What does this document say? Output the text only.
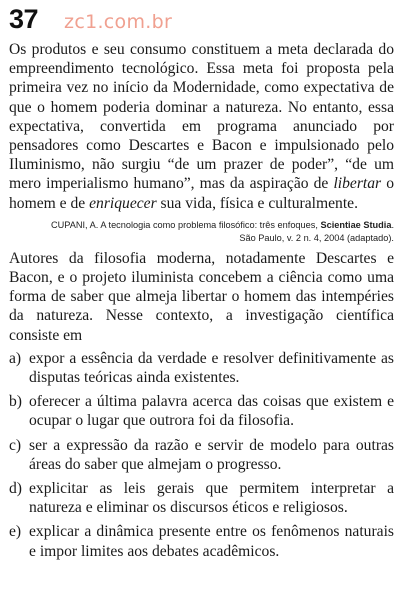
37 zc1.com.br

Os produtos e seu consumo constituem a meta declarada do empreendimento tecnológico. Essa meta foi proposta pela primeira vez no início da Modernidade, como expectativa de que o homem poderia dominar a natureza. No entanto, essa expectativa, convertida em programa anunciado por pensadores como Descartes e Bacon e impulsionado pelo Iluminismo, não surgiu “de um prazer de poder”, “de um mero imperialismo humano”, mas da aspiração de libertar o homem e de enriquecer sua vida, física e culturalmente.

CUPANI, A. A tecnologia como problema filosófico: três enfoques, Scientiae Studia.
São Paulo, v. 2 n. 4, 2004 (adaptado).

Autores da filosofia moderna, notadamente Descartes e Bacon, e o projeto iluminista concebem a ciência como uma forma de saber que almeja libertar o homem das intempéries da natureza. Nesse contexto, a investigação científica consiste em

a) expor a essência da verdade e resolver definitivamente as disputas teóricas ainda existentes.
b) oferecer a última palavra acerca das coisas que existem e ocupar o lugar que outrora foi da filosofia.
c) ser a expressão da razão e servir de modelo para outras áreas do saber que almejam o progresso.
d) explicitar as leis gerais que permitem interpretar a natureza e eliminar os discursos éticos e religiosos.
e) explicar a dinâmica presente entre os fenômenos naturais e impor limites aos debates acadêmicos.
